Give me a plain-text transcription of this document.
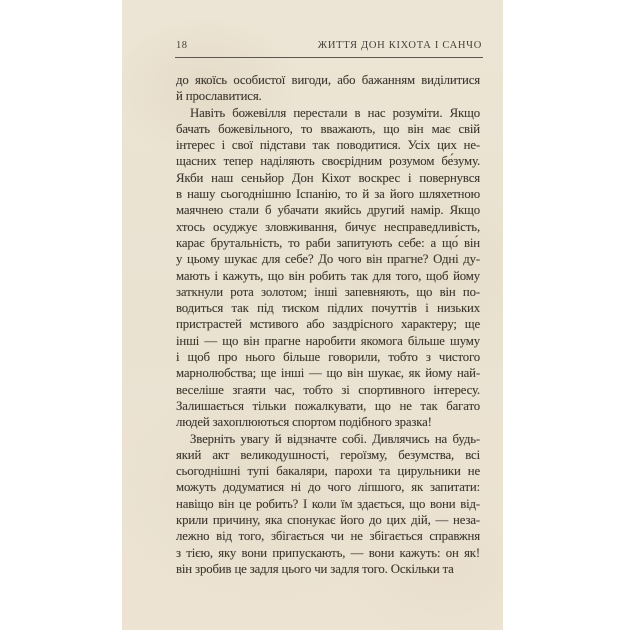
18	ЖИТТЯ ДОН КІХОТА І САНЧО
до якоїсь особистої вигоди, або бажанням виділитися
й прославитися.
Навіть божевілля перестали в нас розуміти. Якщо
бачать божевільного, то вважають, що він має свій
інтерес і свої підстави так поводитися. Усіх цих не-
щасних тепер наділяють своєрідним розумом бе́зуму.
Якби наш сеньйор Дон Кіхот воскрес і повернувся
в нашу сьогоднішню Іспанію, то й за його шляхетною
маячнею стали б убачати якийсь другий намір. Якщо
хтось осуджує зловживання, бичує несправедливість,
карає брутальність, то раби запитують себе: а що́ він
у цьому шукає для себе? До чого він прагне? Одні ду-
мають і кажуть, що він робить так для того, щоб йому
заткнули рота золотом; інші запевняють, що він по-
водиться так під тиском підлих почуттів і низьких
пристрастей мстивого або заздрісного характеру; ще
інші — що він прагне наробити якомога більше шуму
і щоб про нього більше говорили, тобто з чистого
марнолюбства; ще інші — що він шукає, як йому най-
веселіше згаяти час, тобто зі спортивного інтересу.
Залишається тільки пожалкувати, що не так багато
людей захоплюються спортом подібного зразка!
Зверніть увагу й відзначте собі. Дивлячись на будь-
який акт великодушності, героїзму, безумства, всі
сьогоднішні тупі бакаляри, парохи та цирульники не
можуть додуматися ні до чого ліпшого, як запитати:
навіщо він це робить? І коли їм здається, що вони від-
крили причину, яка спонукає його до цих дій, — неза-
лежно від того, збігається чи не збігається справжня
з тією, яку вони припускають, — вони кажуть: он як!
він зробив це задля цього чи задля того. Оскільки та
